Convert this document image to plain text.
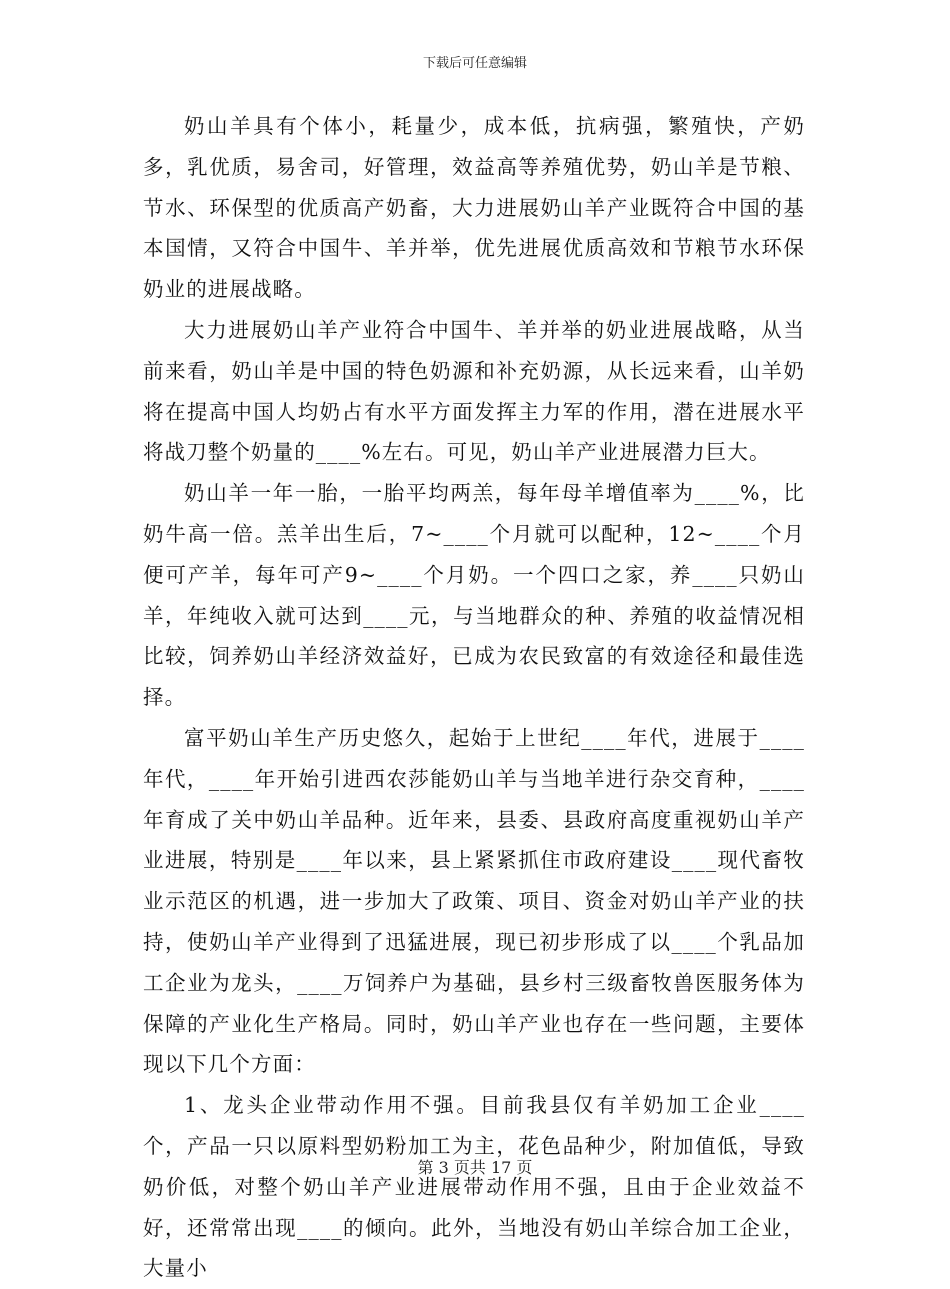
下载后可任意编辑

奶山羊具有个体小，耗量少，成本低，抗病强，繁殖快，产奶多，乳优质，易舍司，好管理，效益高等养殖优势，奶山羊是节粮、节水、环保型的优质高产奶畜，大力进展奶山羊产业既符合中国的基本国情，又符合中国牛、羊并举，优先进展优质高效和节粮节水环保奶业的进展战略。

大力进展奶山羊产业符合中国牛、羊并举的奶业进展战略，从当前来看，奶山羊是中国的特色奶源和补充奶源，从长远来看，山羊奶将在提高中国人均奶占有水平方面发挥主力军的作用，潜在进展水平将战刀整个奶量的____%左右。可见，奶山羊产业进展潜力巨大。

奶山羊一年一胎，一胎平均两羔，每年母羊增值率为____%，比奶牛高一倍。羔羊出生后，7~____个月就可以配种，12~____个月便可产羊，每年可产9~____个月奶。一个四口之家，养____只奶山羊，年纯收入就可达到____元，与当地群众的种、养殖的收益情况相比较，饲养奶山羊经济效益好，已成为农民致富的有效途径和最佳选择。

富平奶山羊生产历史悠久，起始于上世纪____年代，进展于____年代，____年开始引进西农莎能奶山羊与当地羊进行杂交育种，____年育成了关中奶山羊品种。近年来，县委、县政府高度重视奶山羊产业进展，特别是____年以来，县上紧紧抓住市政府建设____现代畜牧业示范区的机遇，进一步加大了政策、项目、资金对奶山羊产业的扶持，使奶山羊产业得到了迅猛进展，现已初步形成了以____个乳品加工企业为龙头，____万饲养户为基础，县乡村三级畜牧兽医服务体为保障的产业化生产格局。同时，奶山羊产业也存在一些问题，主要体现以下几个方面：

1、龙头企业带动作用不强。目前我县仅有羊奶加工企业____个，产品一只以原料型奶粉加工为主，花色品种少，附加值低，导致奶价低，对整个奶山羊产业进展带动作用不强，且由于企业效益不好，还常常出现____的倾向。此外，当地没有奶山羊综合加工企业，大量小

第 3 页共 17 页
